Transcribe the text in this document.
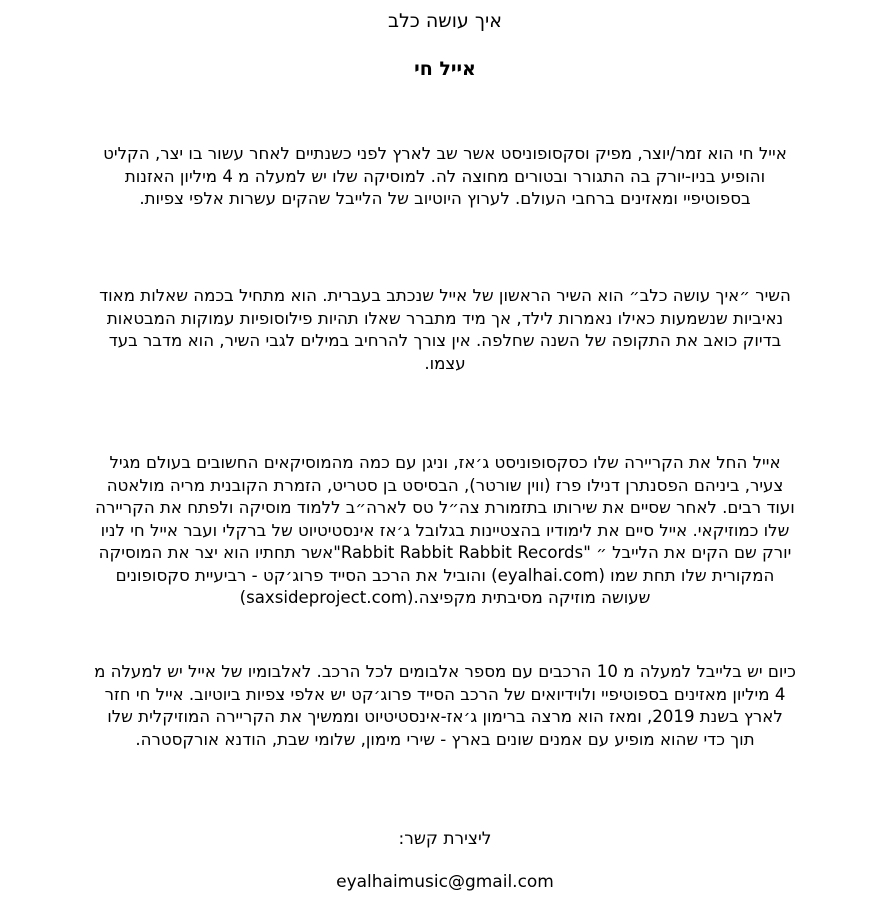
איך עושה כלב
אייל חי
אייל חי הוא זמר/יוצר, מפיק וסקסופוניסט אשר שב לארץ לפני כשנתיים לאחר עשור בו יצר, הקליט
והופיע בניו-יורק בה התגורר ובטורים מחוצה לה. למוסיקה שלו יש למעלה מ 4 מיליון האזנות
בספוטיפיי ומאזינים ברחבי העולם. לערוץ היוטיוב של הלייבל שהקים עשרות אלפי צפיות.
השיר ״איך עושה כלב״ הוא השיר הראשון של אייל שנכתב בעברית. הוא מתחיל בכמה שאלות מאוד
נאיביות שנשמעות כאילו נאמרות לילד, אך מיד מתברר שאלו תהיות פילוסופיות עמוקות המבטאות
בדיוק כואב את התקופה של השנה שחלפה. אין צורך להרחיב במילים לגבי השיר, הוא מדבר בעד
עצמו.
אייל החל את הקריירה שלו כסקסופוניסט ג׳אז, וניגן עם כמה מהמוסיקאים החשובים בעולם מגיל
צעיר, ביניהם הפסנתרן דנילו פרז (ווין שורטר), הבסיסט בן סטריט, הזמרת הקובנית מריה מולאטה
ועוד רבים. לאחר שסיים את שירותו בתזמורת צה״ל טס לארה״ב ללמוד מוסיקה ולפתח את הקריירה
שלו כמוזיקאי. אייל סיים את לימודיו בהצטיינות בגלובל ג׳אז אינסטיטיוט של ברקלי ועבר אייל חי לניו
יורק שם הקים את הלייבל ״ "Rabbit Rabbit Rabbit Records"אשר תחתיו הוא יצר את המוסיקה
המקורית שלו תחת שמו (eyalhai.com) והוביל את הרכב הסייד פרוג׳קט - רביעיית סקסופונים
שעושה מוזיקה מסיבתית מקפיצה.(saxsideproject.com)
כיום יש בלייבל למעלה מ 10 הרכבים עם מספר אלבומים לכל הרכב. לאלבומיו של אייל יש למעלה מ
4 מיליון מאזינים בספוטיפיי ולוידיואים של הרכב הסייד פרוג׳קט יש אלפי צפיות ביוטיוב. אייל חי חזר
לארץ בשנת 2019, ומאז הוא מרצה ברימון ג׳אז-אינסטיטיוט וממשיך את הקריירה המוזיקלית שלו
תוך כדי שהוא מופיע עם אמנים שונים בארץ - שירי מימון, שלומי שבת, הודנא אורקסטרה.
ליצירת קשר:
eyalhaimusic@gmail.com
